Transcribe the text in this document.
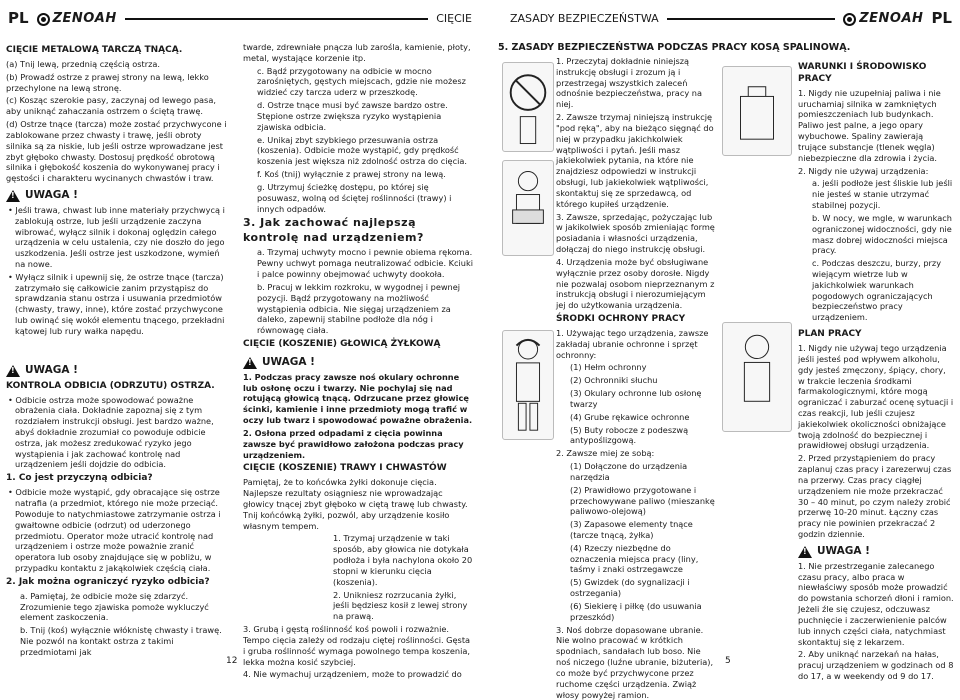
PL ZENOAH	CIĘCIE
CIĘCIE METALOWĄ TARCZĄ TNĄCĄ.
(a) Tnij lewą, przednią częścią ostrza.
(b) Prowadź ostrze z prawej strony na lewą, lekko przechylone na lewą stronę.
(c) Kosząc szerokie pasy, zaczynaj od lewego pasa, aby uniknąć zahaczania ostrzem o ściętą trawę.
(d) Ostrze tnące (tarcza) może zostać przychwycone i zablokowane przez chwasty i trawę, jeśli obroty silnika są za niskie, lub jeśli ostrze wprowadzane jest zbyt głęboko chwasty. Dostosuj prędkość obrotową silnika i głębokość koszenia do wykonywanej pracy i gęstości i charakteru wycinanych chwastów i traw.
!
UWAGA !
• Jeśli trawa, chwast lub inne materiały przychwycą i zablokują ostrze, lub jeśli urządzenie zaczyna wibrować, wyłącz silnik i dokonaj oględzin całego urządzenia w celu ustalenia, czy nie doszło do jego uszkodzenia. Jeśli ostrze jest uszkodzone, wymień na nowe.
• Wyłącz silnik i upewnij się, że ostrze tnące (tarcza) zatrzymało się całkowicie zanim przystąpisz do sprawdzania stanu ostrza i usuwania przedmiotów (chwasty, trawy, inne), które zostać przychwycone lub owinąć się wokół elementu tnącego, przekładni kątowej lub rury wałka napędu.
!
UWAGA !
KONTROLA ODBICIA (ODRZUTU) OSTRZA.
• Odbicie ostrza może spowodować poważne obrażenia ciała. Dokładnie zapoznaj się z tym rozdziałem instrukcji obsługi. Jest bardzo ważne, abyś dokładnie zrozumiał co powoduje odbicie ostrza, jak możesz zredukować ryzyko jego wystąpienia i jak zachować kontrolę nad urządzeniem jeśli dojdzie do odbicia.
1. Co jest przyczyną odbicia?
• Odbicie może wystąpić, gdy obracające się ostrze natrafia (a przedmiot, którego nie może przeciąć. Powoduje to natychmiastowe zatrzymanie ostrza i gwałtowne odbicie (odrzut) od uderzonego przedmiotu. Operator może utracić kontrolę nad urządzeniem i ostrze może poważnie zranić operatora lub osoby znajdujące się w pobliżu, w przypadku kontaktu z jakąkolwiek częścią ciała.
2. Jak można ograniczyć ryzyko odbicia?
a. Pamiętaj, że odbicie może się zdarzyć. Zrozumienie tego zjawiska pomoże wykluczyć element zaskoczenia.
b. Tnij (koś) wyłącznie włóknistę chwasty i trawę. Nie pozwól na kontakt ostrza z takimi przedmiotami jak
twarde, zdrewniałe pnącza lub zarośla, kamienie, płoty, metal, wystające korzenie itp.
c. Bądź przygotowany na odbicie w mocno zarośniętych, gęstych miejscach, gdzie nie możesz widzieć czy tarcza uderz w przeszkodę.
d. Ostrze tnące musi być zawsze bardzo ostre. Stępione ostrze zwiększa ryzyko wystąpienia zjawiska odbicia.
e. Unikaj zbyt szybkiego przesuwania ostrza (koszenia). Odbicie może wystąpić, gdy prędkość koszenia jest większa niż zdolność ostrza do cięcia.
f. Koś (tnij) wyłącznie z prawej strony na lewą.
g. Utrzymuj ścieżkę dostępu, po której się posuwasz, wolną od ściętej roślinności (trawy) i innych odpadów.
3. Jak zachować najlepszą kontrolę nad urządzeniem?
a. Trzymaj uchwyty mocno i pewnie obiema rękoma. Pewny uchwyt pomaga neutralizować odbicie. Kciuki i palce powinny obejmować uchwyty dookoła.
b. Pracuj w lekkim rozkroku, w wygodnej i pewnej pozycji. Bądź przygotowany na możliwość wystąpienia odbicia. Nie sięgaj urządzeniem za daleko, zapewnij stabilne podłoże dla nóg i równowagę ciała.
CIĘCIE (KOSZENIE) GŁOWICĄ ŻYŁKOWĄ
!
UWAGA !
1. Podczas pracy zawsze noś okulary ochronne lub osłonę oczu i twarzy. Nie pochylaj się nad rotującą głowicą tnącą. Odrzucane przez głowicę ścinki, kamienie i inne przedmioty mogą trafić w oczy lub twarz i spowodować poważne obrażenia.
2. Osłona przed odpadami z cięcia powinna zawsze być prawidłowo założona podczas pracy urządzeniem.
CIĘCIE (KOSZENIE) TRAWY I CHWASTÓW
Pamiętaj, że to końcówka żyłki dokonuje cięcia. Najlepsze rezultaty osiągniesz nie wprowadzając głowicy tnącej zbyt głęboko w ciętą trawę lub chwasty. Tnij końcówką żyłki, pozwól, aby urządzenie kosiło własnym tempem.
1. Trzymaj urządzenie w taki sposób, aby głowica nie dotykała podłoża i była nachylona około 20 stopni w kierunku cięcia (koszenia).
2. Unikniesz rozrzucania żyłki, jeśli będziesz kosił z lewej strony na prawą.
3. Grubą i gęstą roślinność koś powoli i rozważnie. Tempo cięcia zależy od rodzaju ciętej roślinności. Gęsta i gruba roślinność wymaga powolnego tempa koszenia, lekka można kosić szybciej.
4. Nie wymachuj urządzeniem, może to prowadzić do
12
ZASADY BEZPIECZEŃSTWA	ZENOAH PL
5. ZASADY BEZPIECZEŃSTWA PODCZAS PRACY KOSĄ SPALINOWĄ.
1. Przeczytaj dokładnie niniejszą instrukcję obsługi i zrozum ją i przestrzegaj wszystkich zaleceń odnośnie bezpieczeństwa, pracy na niej.
2. Zawsze trzymaj niniejszą instrukcję "pod ręką", aby na bieżąco sięgnąć do niej w przypadku jakichkolwiek wątpliwości i pytań. Jeśli masz jakiekolwiek pytania, na które nie znajdziesz odpowiedzi w instrukcji obsługi, lub jakiekolwiek wątpliwości, skontaktuj się ze sprzedawcą, od którego kupiłeś urządzenie.
3. Zawsze, sprzedając, pożyczając lub w jakikolwiek sposób zmieniając formę posiadania i własności urządzenia, dołączaj do niego instrukcję obsługi.
4. Urządzenia może być obsługiwane wyłącznie przez osoby dorosłe. Nigdy nie pozwalaj osobom nieprzeznanym z instrukcją obsługi i nierozumiejącym jej do użytkowania urządzenia.
ŚRODKI OCHRONY PRACY
1. Używając tego urządzenia, zawsze zakładaj ubranie ochronne i sprzęt ochronny:
(1) Hełm ochronny
(2) Ochronniki słuchu
(3) Okulary ochronne lub osłonę twarzy
(4) Grube rękawice ochronne
(5) Buty robocze z podeszwą antypoślizgową.
2. Zawsze miej ze sobą:
(1) Dołączone do urządzenia narzędzia
(2) Prawidłowo przygotowane i przechowywane paliwo (mieszankę paliwowo-olejową)
(3) Zapasowe elementy tnące (tarcze tnącą, żyłka)
(4) Rzeczy niezbędne do oznaczenia miejsca pracy (liny, taśmy i znaki ostrzegawcze
(5) Gwizdek (do sygnalizacji i ostrzegania)
(6) Siekierę i piłkę (do usuwania przeszkód)
3. Noś dobrze dopasowane ubranie. Nie wolno pracować w krótkich spodniach, sandałach lub boso. Nie noś niczego (luźne ubranie, biżuteria), co może być przychwycone przez ruchome części urządzenia. Zwiąż włosy powyżej ramion.
WARUNKI I ŚRODOWISKO PRACY
1. Nigdy nie uzupełniaj paliwa i nie uruchamiaj silnika w zamkniętych pomieszczeniach lub budynkach. Paliwo jest palne, a jego opary wybuchowe. Spaliny zawierają trujące substancje (tlenek węgla) niebezpieczne dla zdrowia i życia.
2. Nigdy nie używaj urządzenia:
a. jeśli podłoże jest śliskie lub jeśli nie jesteś w stanie utrzymać stabilnej pozycji.
b. W nocy, we mgle, w warunkach ograniczonej widoczności, gdy nie masz dobrej widoczności miejsca pracy.
c. Podczas deszczu, burzy, przy wiejącym wietrze lub w jakichkolwiek warunkach pogodowych ograniczających bezpieczeństwo pracy urządzeniem.
PLAN PRACY
1. Nigdy nie używaj tego urządzenia jeśli jesteś pod wpływem alkoholu, gdy jesteś zmęczony, śpiący, chory, w trakcie leczenia środkami farmakologicznymi, które mogą ograniczać i zaburzać ocenę sytuacji i czas reakcji, lub jeśli czujesz jakiekolwiek okoliczności obniżające twoją zdolność do bezpiecznej i prawidłowej obsługi urządzenia.
2. Przed przystąpieniem do pracy zaplanuj czas pracy i zarezerwuj czas na przerwy. Czas pracy ciągłej urządzeniem nie może przekraczać 30 – 40 minut, po czym należy zrobić przerwę 10-20 minut. Łączny czas pracy nie powinien przekraczać 2 godzin dziennie.
!
UWAGA !
1. Nie przestrzeganie zalecanego czasu pracy, albo praca w niewłaściwy sposób może prowadzić do powstania schorzeń dłoni i ramion. Jeżeli źle się czujesz, odczuwasz puchnięcie i zaczerwienienie palców lub innych części ciała, natychmiast skontaktuj się z lekarzem.
2. Aby uniknąć narzekań na hałas, pracuj urządzeniem w godzinach od 8 do 17, a w weekendy od 9 do 17.
5
